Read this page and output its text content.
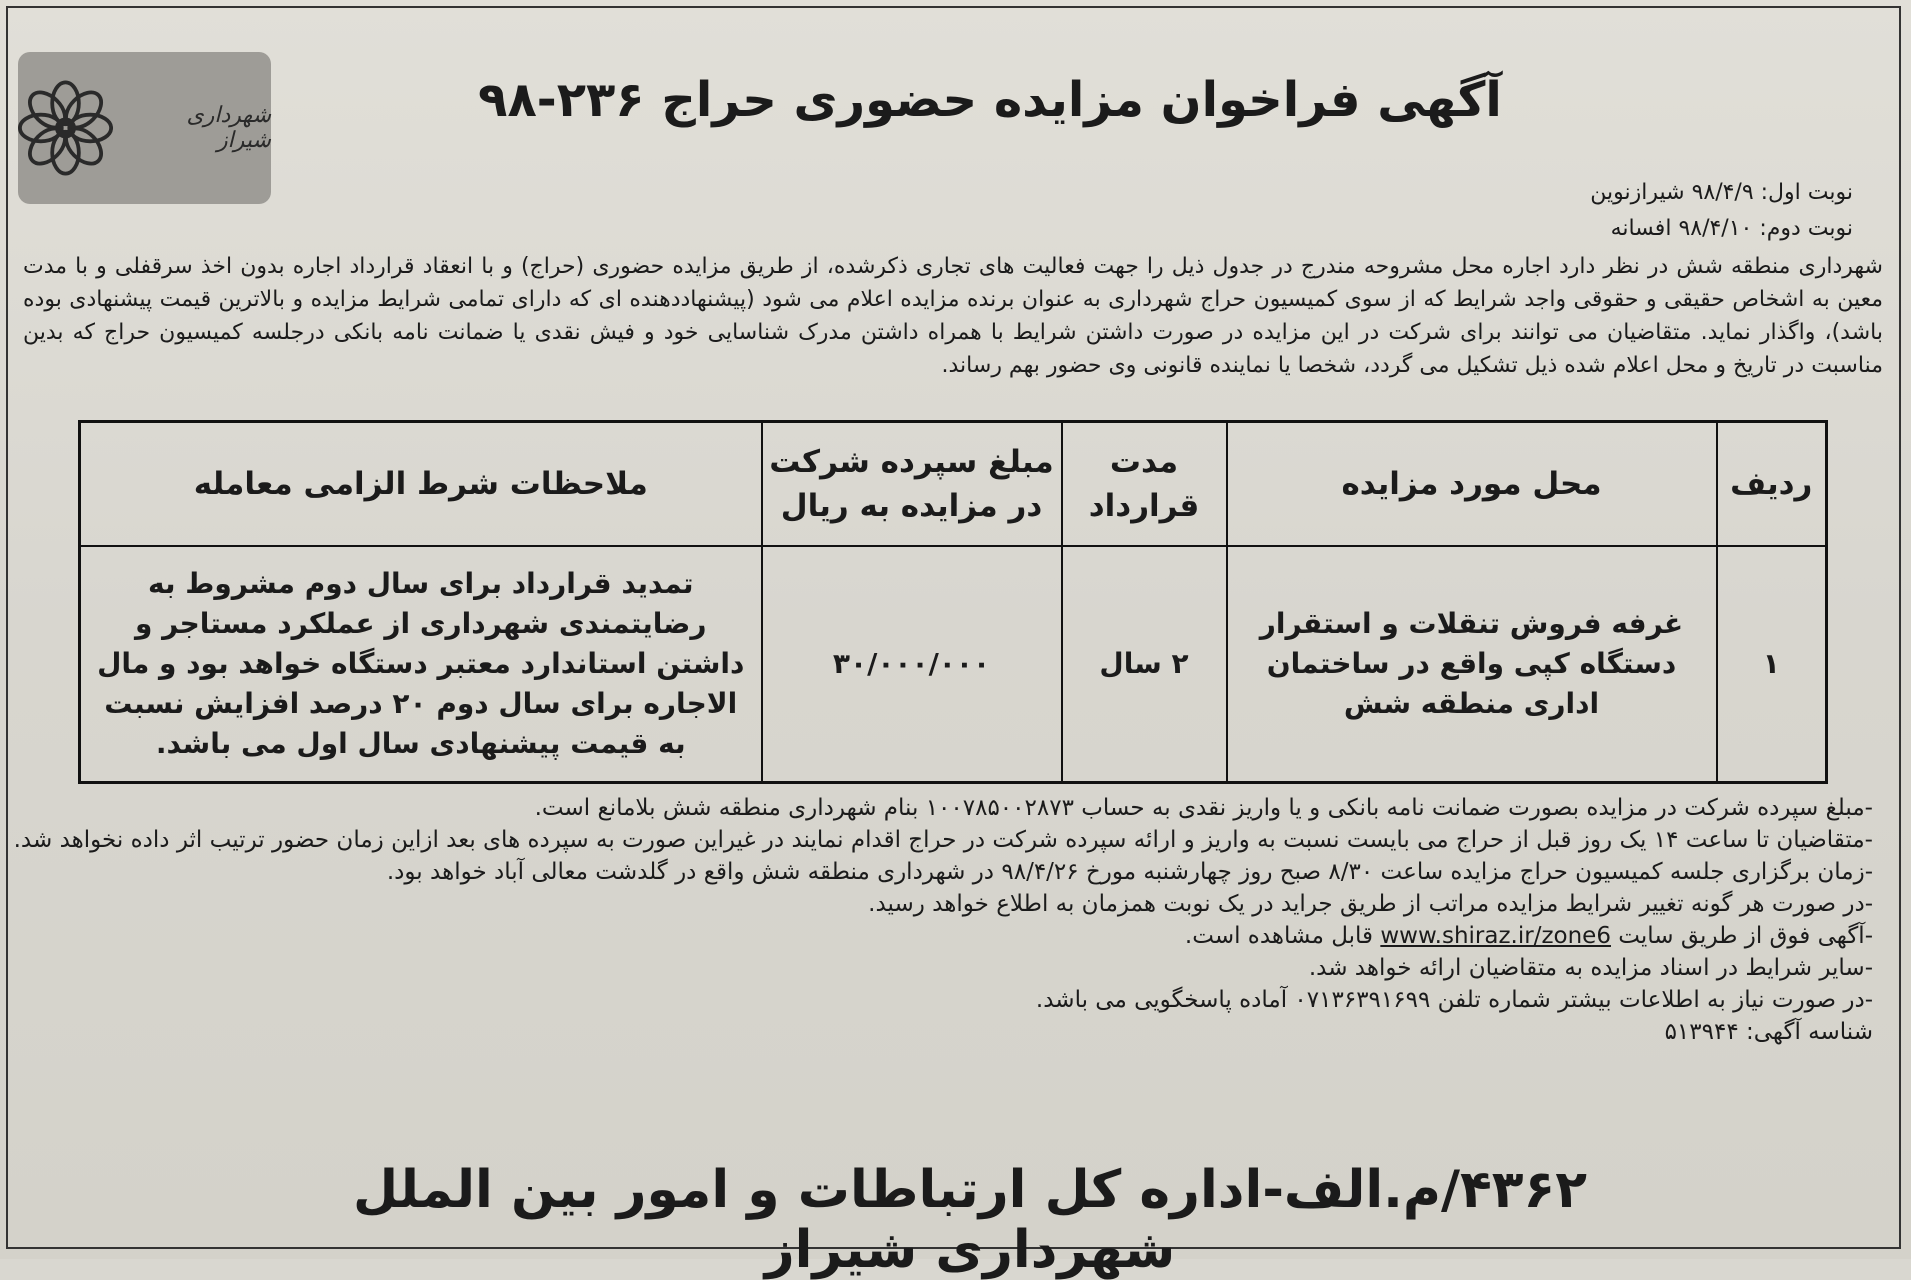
شهرداری شیراز
آگهی فراخوان مزایده حضوری حراج ۲۳۶-۹۸
نوبت اول: ۹۸/۴/۹ شیرازنوین
نوبت دوم: ۹۸/۴/۱۰ افسانه

شهرداری منطقه شش در نظر دارد اجاره محل مشروحه مندرج در جدول ذیل را جهت فعالیت های تجاری ذکرشده، از طریق مزایده حضوری (حراج) و با انعقاد قرارداد اجاره بدون اخذ سرقفلی و با مدت معین به اشخاص حقیقی و حقوقی واجد شرایط که از سوی کمیسیون حراج شهرداری به عنوان برنده مزایده اعلام می شود (پیشنهاددهنده ای که دارای تمامی شرایط مزایده و بالاترین قیمت پیشنهادی بوده باشد)، واگذار نماید. متقاضیان می توانند برای شرکت در این مزایده در صورت داشتن شرایط با همراه داشتن مدرک شناسایی خود و فیش نقدی یا ضمانت نامه بانکی درجلسه کمیسیون حراج که بدین مناسبت در تاریخ و محل اعلام شده ذیل تشکیل می گردد، شخصا یا نماینده قانونی وی حضور بهم رساند.

ردیف	محل مورد مزایده	مدت قرارداد	مبلغ سپرده شرکت در مزایده به ریال	ملاحظات شرط الزامی معامله
۱	غرفه فروش تنقلات و استقرار دستگاه کپی واقع در ساختمان اداری منطقه شش	۲ سال	۳۰/۰۰۰/۰۰۰	تمدید قرارداد برای سال دوم مشروط به رضایتمندی شهرداری از عملکرد مستاجر و داشتن استاندارد معتبر دستگاه خواهد بود و مال الاجاره برای سال دوم ۲۰ درصد افزایش نسبت به قیمت پیشنهادی سال اول می باشد.
-مبلغ سپرده شرکت در مزایده بصورت ضمانت نامه بانکی و یا واریز نقدی به حساب ۱۰۰۷۸۵۰۰۲۸۷۳ بنام شهرداری منطقه شش بلامانع است.
-متقاضیان تا ساعت ۱۴ یک روز قبل از حراج می بایست نسبت به واریز و ارائه سپرده شرکت در حراج اقدام نمایند در غیراین صورت به سپرده های بعد ازاین زمان حضور ترتیب اثر داده نخواهد شد.
-زمان برگزاری جلسه کمیسیون حراج مزایده ساعت ۸/۳۰ صبح روز چهارشنبه مورخ ۹۸/۴/۲۶ در شهرداری منطقه شش واقع در گلدشت معالی آباد خواهد بود.
-در صورت هر گونه تغییر شرایط مزایده مراتب از طریق جراید در یک نوبت همزمان به اطلاع خواهد رسید.
-آگهی فوق از طریق سایت www.shiraz.ir/zone6 قابل مشاهده است.
-سایر شرایط در اسناد مزایده به متقاضیان ارائه خواهد شد.
-در صورت نیاز به اطلاعات بیشتر شماره تلفن ۰۷۱۳۶۳۹۱۶۹۹ آماده پاسخگویی می باشد.
شناسه آگهی: ۵۱۳۹۴۴
۴۳۶۲/م.الف-اداره کل ارتباطات و امور بین الملل شهرداری شیراز
